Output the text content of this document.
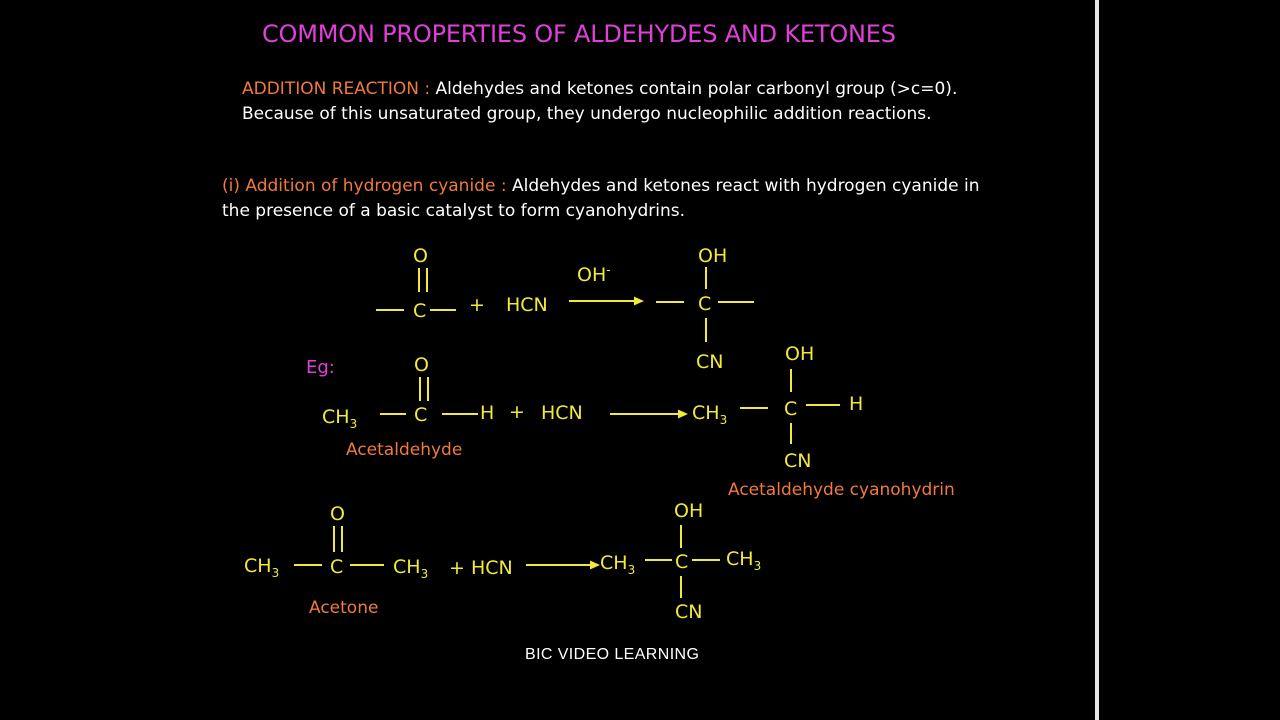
COMMON PROPERTIES OF ALDEHYDES AND KETONES
ADDITION REACTION : Aldehydes and ketones contain polar carbonyl group (>c=0). Because of this unsaturated group, they undergo nucleophilic addition reactions.
(i) Addition of hydrogen cyanide : Aldehydes and ketones react with hydrogen cyanide in the presence of a basic catalyst to form cyanohydrins.
O
C + HCN
OH-
OH
C
CN
Eg:	O
$CH_3$	C	H + HCN	$CH_3$
OH
C	H
CN
Acetaldehyde
Acetaldehyde cyanohydrin
O
$CH_3$	C	$CH_3$ + HCN	$CH_3$
OH
C $CH_3$
CN
Acetone
BIC VIDEO LEARNING
